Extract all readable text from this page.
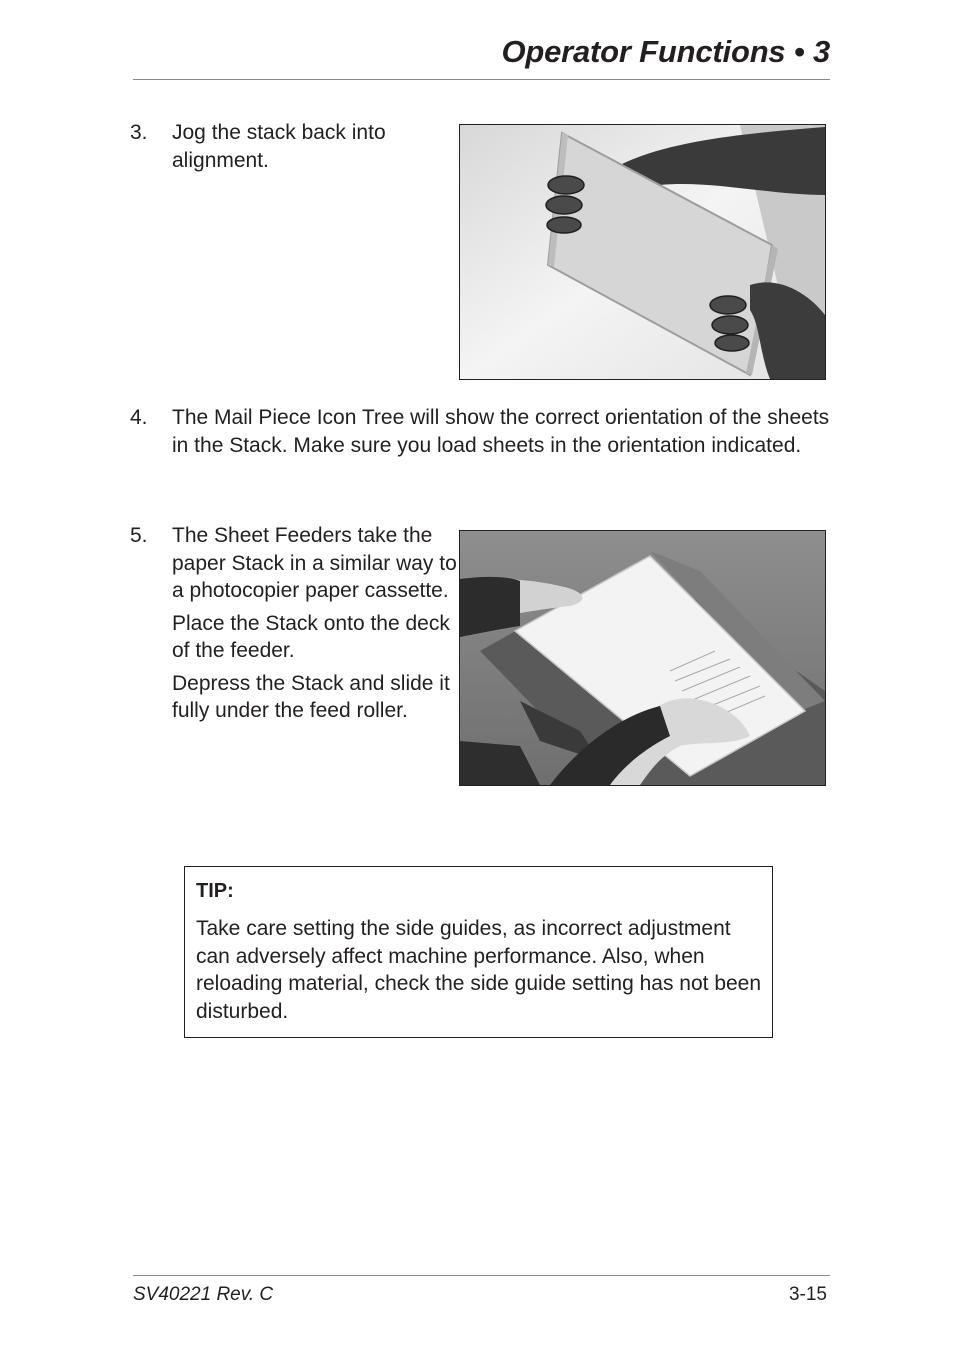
Operator Functions • 3
3. Jog the stack back into alignment.

4. The Mail Piece Icon Tree will show the correct orientation of the sheets in the Stack. Make sure you load sheets in the orientation indicated.

5. The Sheet Feeders take the paper Stack in a similar way to a photocopier paper cassette.

Place the Stack onto the deck of the feeder.

Depress the Stack and slide it fully under the feed roller.

TIP:
Take care setting the side guides, as incorrect adjustment can adversely affect machine performance. Also, when reloading material, check the side guide setting has not been disturbed.
SV40221 Rev. C	3-15
